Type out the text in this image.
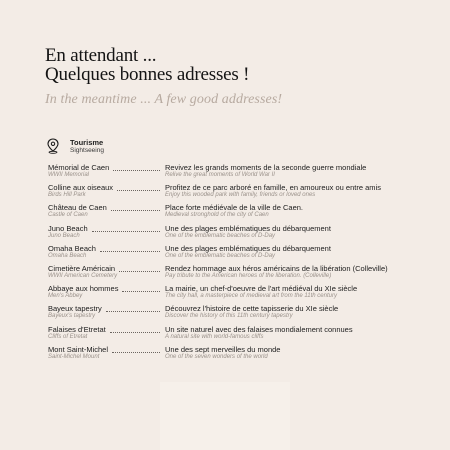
En attendant ...
Quelques bonnes adresses !
In the meantime ... A few good addresses!
Tourisme
Sightseeing
Mémorial de Caen
WWII Memorial
Revivez les grands moments de la seconde guerre mondiale
Relive the great moments of World War II
Colline aux oiseaux
Birds Hill Park
Profitez de ce parc arboré en famille, en amoureux ou entre amis
Enjoy this wooded park with family, friends or loved ones
Château de Caen
Castle of Caen
Place forte médiévale de la ville de Caen.
Medieval stronghold of the city of Caen
Juno Beach
Juno Beach
Une des plages emblématiques du débarquement
One of the emblematic beaches of D-Day
Omaha Beach
Omaha Beach
Une des plages emblématiques du débarquement
One of the emblematic beaches of D-Day
Cimetière Américain
WWII American Cemetery
Rendez hommage aux héros américains de la libération (Colleville)
Pay tribute to the American heroes of the liberation. (Colleville)
Abbaye aux hommes
Men's Abbey
La mairie, un chef-d'oeuvre de l'art médiéval du XIe siècle
The city hall, a masterpiece of medieval art from the 11th century
Bayeux tapestry
Bayeux's tapestry
Découvrez l'histoire de cette tapisserie du XIe siècle
Discover the history of this 11th century tapestry
Falaises d'Etretat
Cliffs of Etretat
Un site naturel avec des falaises mondialement connues
A natural site with world-famous cliffs
Mont Saint-Michel
Saint-Michel Mount
Une des sept merveilles du monde
One of the seven wonders of the world
